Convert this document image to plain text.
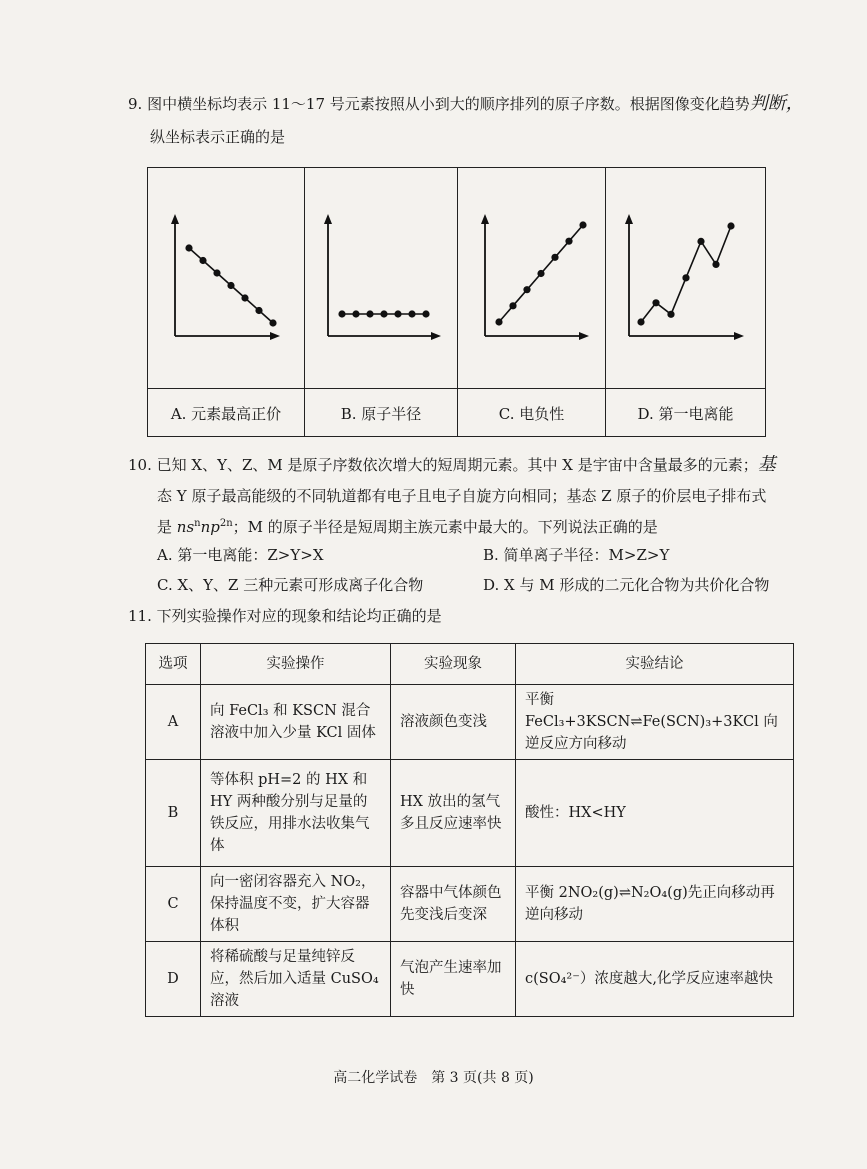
9. 图中横坐标均表示 11～17 号元素按照从小到大的顺序排列的原子序数。根据图像变化趋势判断，
纵坐标表示正确的是
A. 元素最高正价	B. 原子半径	C. 电负性	D. 第一电离能
10. 已知 X、Y、Z、M 是原子序数依次增大的短周期元素。其中 X 是宇宙中含量最多的元素；基
态 Y 原子最高能级的不同轨道都有电子且电子自旋方向相同；基态 Z 原子的价层电子排布式
是 $ns^nnp^{2n}$；M 的原子半径是短周期主族元素中最大的。下列说法正确的是
A. 第一电离能：Z>Y>X	B. 简单离子半径：M>Z>Y
C. X、Y、Z 三种元素可形成离子化合物	D. X 与 M 形成的二元化合物为共价化合物
11. 下列实验操作对应的现象和结论均正确的是
选项	实验操作	实验现象	实验结论
A	向 FeCl₃ 和 KSCN 混合溶液中加入少量 KCl 固体	溶液颜色变浅	平衡 FeCl₃+3KSCN⇌Fe(SCN)₃+3KCl 向逆反应方向移动
B	等体积 pH=2 的 HX 和 HY 两种酸分别与足量的铁反应，用排水法收集气体	HX 放出的氢气多且反应速率快	酸性：HX<HY
C	向一密闭容器充入 NO₂，保持温度不变，扩大容器体积	容器中气体颜色先变浅后变深	平衡 2NO₂(g)⇌N₂O₄(g)先正向移动再逆向移动
D	将稀硫酸与足量纯锌反应，然后加入适量 CuSO₄ 溶液	气泡产生速率加快	c(SO₄²⁻）浓度越大,化学反应速率越快
高二化学试卷　第 3 页(共 8 页)
